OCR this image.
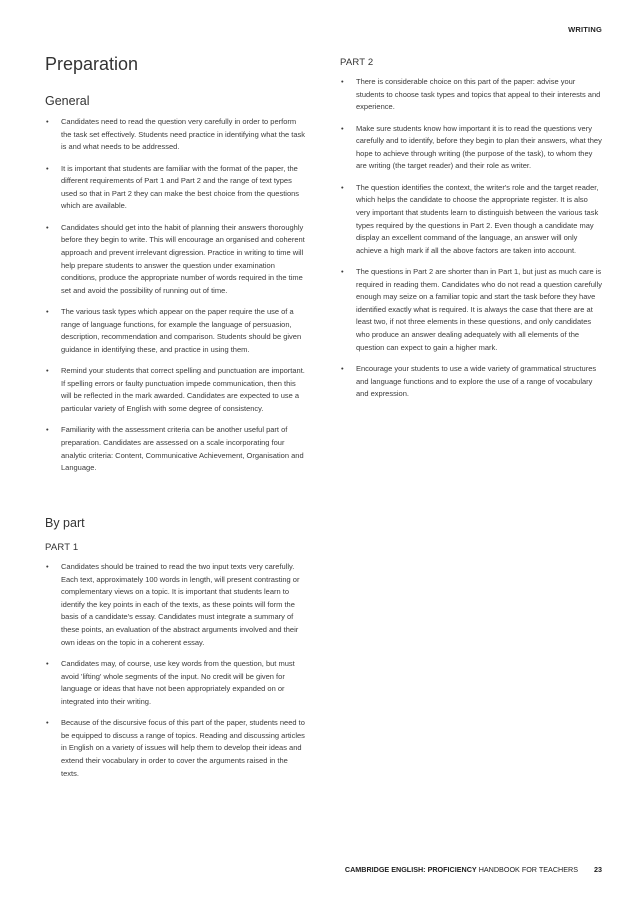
WRITING
Preparation
General
• Candidates need to read the question very carefully in order to perform the task set effectively. Students need practice in identifying what the task is and what needs to be addressed.
• It is important that students are familiar with the format of the paper, the different requirements of Part 1 and Part 2 and the range of text types used so that in Part 2 they can make the best choice from the questions which are available.
• Candidates should get into the habit of planning their answers thoroughly before they begin to write. This will encourage an organised and coherent approach and prevent irrelevant digression. Practice in writing to time will help prepare students to answer the question under examination conditions, produce the appropriate number of words required in the time set and avoid the possibility of running out of time.
• The various task types which appear on the paper require the use of a range of language functions, for example the language of persuasion, description, recommendation and comparison. Students should be given guidance in identifying these, and practice in using them.
• Remind your students that correct spelling and punctuation are important. If spelling errors or faulty punctuation impede communication, then this will be reflected in the mark awarded. Candidates are expected to use a particular variety of English with some degree of consistency.
• Familiarity with the assessment criteria can be another useful part of preparation. Candidates are assessed on a scale incorporating four analytic criteria: Content, Communicative Achievement, Organisation and Language.
By part
PART 1
• Candidates should be trained to read the two input texts very carefully. Each text, approximately 100 words in length, will present contrasting or complementary views on a topic. It is important that students learn to identify the key points in each of the texts, as these points will form the basis of a candidate's essay. Candidates must integrate a summary of these points, an evaluation of the abstract arguments involved and their own ideas on the topic in a coherent essay.
• Candidates may, of course, use key words from the question, but must avoid 'lifting' whole segments of the input. No credit will be given for language or ideas that have not been appropriately expanded on or integrated into their writing.
• Because of the discursive focus of this part of the paper, students need to be equipped to discuss a range of topics. Reading and discussing articles in English on a variety of issues will help them to develop their ideas and extend their vocabulary in order to cover the arguments raised in the texts.
PART 2
• There is considerable choice on this part of the paper: advise your students to choose task types and topics that appeal to their interests and experience.
• Make sure students know how important it is to read the questions very carefully and to identify, before they begin to plan their answers, what they hope to achieve through writing (the purpose of the task), to whom they are writing (the target reader) and their role as writer.
• The question identifies the context, the writer's role and the target reader, which helps the candidate to choose the appropriate register. It is also very important that students learn to distinguish between the various task types required by the questions in Part 2. Even though a candidate may display an excellent command of the language, an answer will only achieve a high mark if all the above factors are taken into account.
• The questions in Part 2 are shorter than in Part 1, but just as much care is required in reading them. Candidates who do not read a question carefully enough may seize on a familiar topic and start the task before they have identified exactly what is required. It is always the case that there are at least two, if not three elements in these questions, and only candidates who produce an answer dealing adequately with all elements of the question can expect to gain a higher mark.
• Encourage your students to use a wide variety of grammatical structures and language functions and to explore the use of a range of vocabulary and expression.
CAMBRIDGE ENGLISH: PROFICIENCY HANDBOOK FOR TEACHERS 23
